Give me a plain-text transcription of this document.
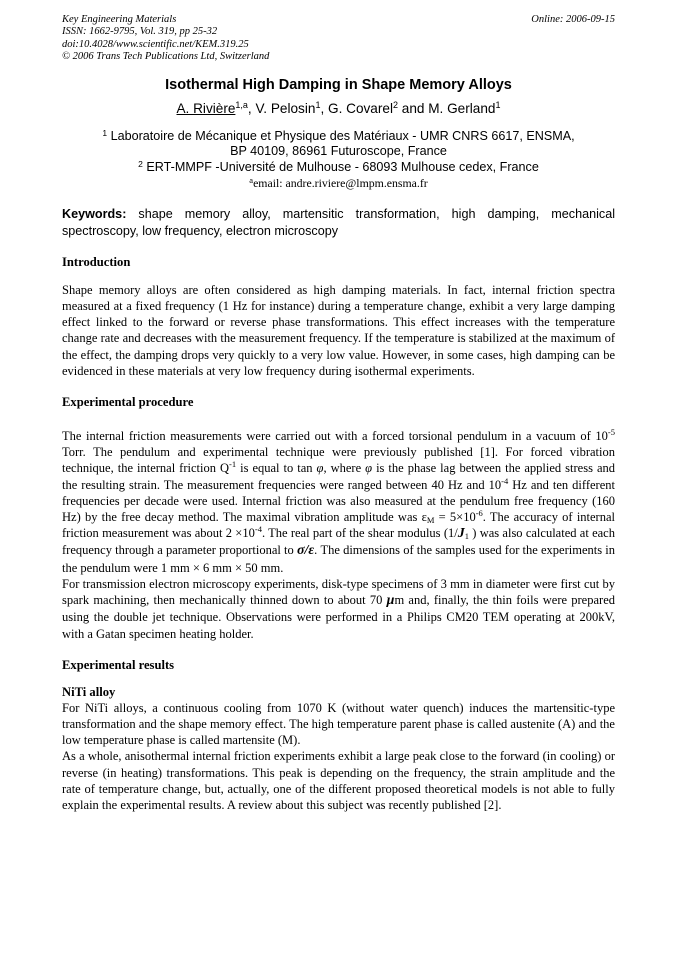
Key Engineering Materials
ISSN: 1662-9795, Vol. 319, pp 25-32
doi:10.4028/www.scientific.net/KEM.319.25
© 2006 Trans Tech Publications Ltd, Switzerland
Online: 2006-09-15
Isothermal High Damping in Shape Memory Alloys
A. Rivière$^{1,a}$, V. Pelosin$^1$, G. Covarel$^2$ and M. Gerland$^1$
$^1$ Laboratoire de Mécanique et Physique des Matériaux - UMR CNRS 6617, ENSMA,
BP 40109, 86961 Futuroscope, France
$^2$ ERT-MMPF -Université de Mulhouse - 68093 Mulhouse cedex, France
$^a$email: andre.riviere@lmpm.ensma.fr
Keywords: shape memory alloy, martensitic transformation, high damping, mechanical spectroscopy, low frequency, electron microscopy
Introduction

Shape memory alloys are often considered as high damping materials. In fact, internal friction spectra measured at a fixed frequency (1 Hz for instance) during a temperature change, exhibit a very large damping effect linked to the forward or reverse phase transformations. This effect increases with the temperature change rate and decreases with the measurement frequency. If the temperature is stabilized at the maximum of the effect, the damping drops very quickly to a very low value. However, in some cases, high damping can be evidenced in these materials at very low frequency during isothermal experiments.

Experimental procedure

The internal friction measurements were carried out with a forced torsional pendulum in a vacuum of $10^{-5}$ Torr. The pendulum and experimental technique were previously published [1]. For forced vibration technique, the internal friction $Q^{-1}$ is equal to tan φ, where φ is the phase lag between the applied stress and the resulting strain. The measurement frequencies were ranged between 40 Hz and $10^{-4}$ Hz and ten different frequencies per decade were used. Internal friction was also measured at the pendulum free frequency (160 Hz) by the free decay method. The maximal vibration amplitude was $\varepsilon_M = 5\times 10^{-6}$. The accuracy of internal friction measurement was about $2 \times 10^{-4}$. The real part of the shear modulus ($1/J_1$ ) was also calculated at each frequency through a parameter proportional to σ/ε. The dimensions of the samples used for the experiments in the pendulum were 1 mm × 6 mm × 50 mm.

For transmission electron microscopy experiments, disk-type specimens of 3 mm in diameter were first cut by spark machining, then mechanically thinned down to about 70 μm and, finally, the thin foils were prepared using the double jet technique. Observations were performed in a Philips CM20 TEM operating at 200kV, with a Gatan specimen heating holder.

Experimental results
NiTi alloy

For NiTi alloys, a continuous cooling from 1070 K (without water quench) induces the martensitic-type transformation and the shape memory effect. The high temperature parent phase is called austenite (A) and the low temperature phase is called martensite (M).

As a whole, anisothermal internal friction experiments exhibit a large peak close to the forward (in cooling) or reverse (in heating) transformations. This peak is depending on the frequency, the strain amplitude and the rate of temperature change, but, actually, one of the different proposed theoretical models is not able to fully explain the experimental results. A review about this subject was recently published [2].
